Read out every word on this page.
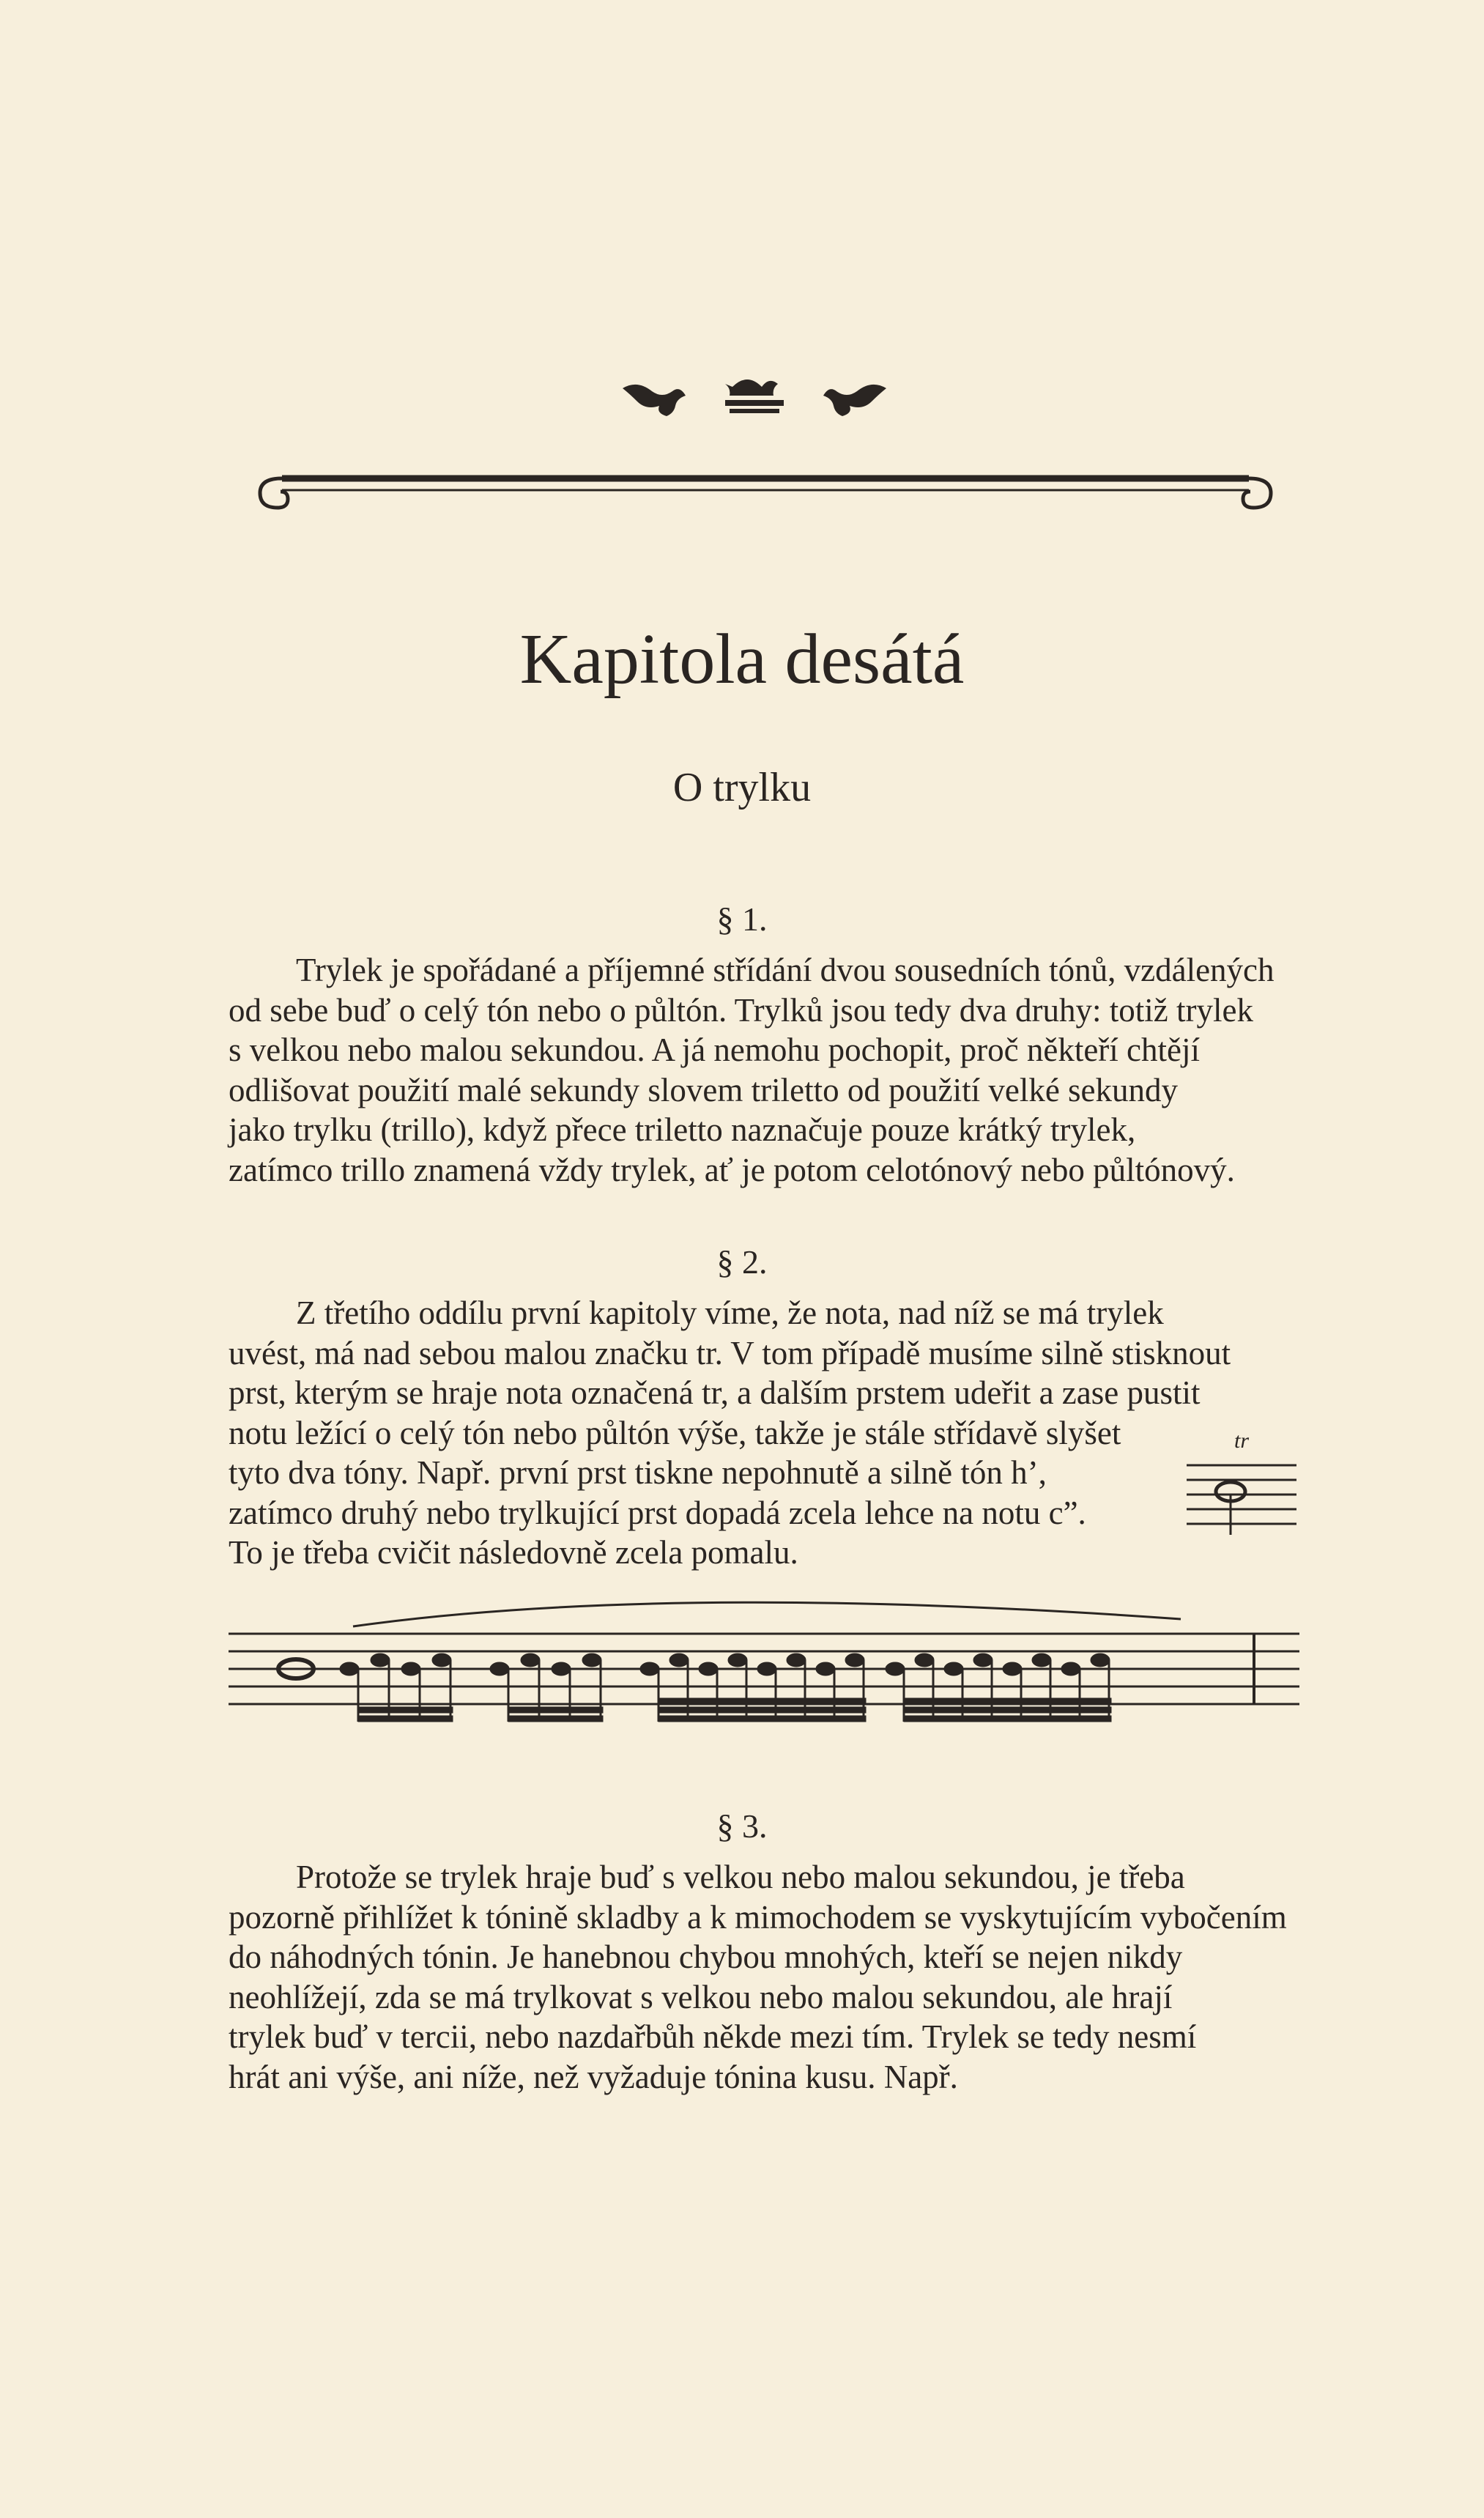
Kapitola desátá
O trylku
§ 1.
Trylek je spořádané a příjemné střídání dvou sousedních tónů, vzdálených
od sebe buď o celý tón nebo o půltón. Trylků jsou tedy dva druhy: totiž trylek
s velkou nebo malou sekundou. A já nemohu pochopit, proč někteří chtějí
odlišovat použití malé sekundy slovem triletto od použití velké sekundy
jako trylku (trillo), když přece triletto naznačuje pouze krátký trylek,
zatímco trillo znamená vždy trylek, ať je potom celotónový nebo půltónový.
§ 2.
Z třetího oddílu první kapitoly víme, že nota, nad níž se má trylek
uvést, má nad sebou malou značku tr. V tom případě musíme silně stisknout
prst, kterým se hraje nota označená tr, a dalším prstem udeřit a zase pustit
notu ležící o celý tón nebo půltón výše, takže je stále střídavě slyšet
tyto dva tóny. Např. první prst tiskne nepohnutě a silně tón h’,
zatímco druhý nebo trylkující prst dopadá zcela lehce na notu c”.
To je třeba cvičit následovně zcela pomalu.
tr
§ 3.
Protože se trylek hraje buď s velkou nebo malou sekundou, je třeba
pozorně přihlížet k tónině skladby a k mimochodem se vyskytujícím vybočením
do náhodných tónin. Je hanebnou chybou mnohých, kteří se nejen nikdy
neohlížejí, zda se má trylkovat s velkou nebo malou sekundou, ale hrají
trylek buď v tercii, nebo nazdařbůh někde mezi tím. Trylek se tedy nesmí
hrát ani výše, ani níže, než vyžaduje tónina kusu. Např.
